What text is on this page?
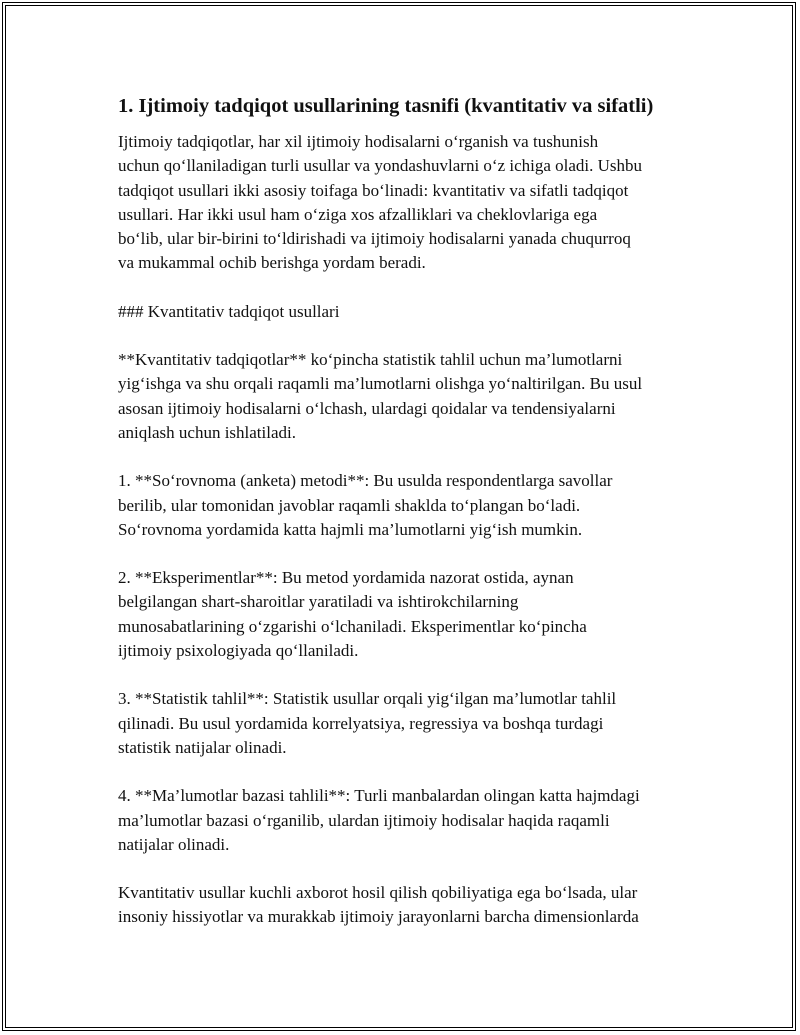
1. Ijtimoiy tadqiqot usullarining tasnifi (kvantitativ va sifatli)

Ijtimoiy tadqiqotlar, har xil ijtimoiy hodisalarni o‘rganish va tushunish
uchun qo‘llaniladigan turli usullar va yondashuvlarni o‘z ichiga oladi. Ushbu
tadqiqot usullari ikki asosiy toifaga bo‘linadi: kvantitativ va sifatli tadqiqot
usullari. Har ikki usul ham o‘ziga xos afzalliklari va cheklovlariga ega
bo‘lib, ular bir-birini to‘ldirishadi va ijtimoiy hodisalarni yanada chuqurroq
va mukammal ochib berishga yordam beradi.

### Kvantitativ tadqiqot usullari

**Kvantitativ tadqiqotlar** ko‘pincha statistik tahlil uchun ma’lumotlarni
yig‘ishga va shu orqali raqamli ma’lumotlarni olishga yo‘naltirilgan. Bu usul
asosan ijtimoiy hodisalarni o‘lchash, ulardagi qoidalar va tendensiyalarni
aniqlash uchun ishlatiladi.

1. **So‘rovnoma (anketa) metodi**: Bu usulda respondentlarga savollar
berilib, ular tomonidan javoblar raqamli shaklda to‘plangan bo‘ladi.
So‘rovnoma yordamida katta hajmli ma’lumotlarni yig‘ish mumkin.

2. **Eksperimentlar**: Bu metod yordamida nazorat ostida, aynan
belgilangan shart-sharoitlar yaratiladi va ishtirokchilarning
munosabatlarining o‘zgarishi o‘lchaniladi. Eksperimentlar ko‘pincha
ijtimoiy psixologiyada qo‘llaniladi.

3. **Statistik tahlil**: Statistik usullar orqali yig‘ilgan ma’lumotlar tahlil
qilinadi. Bu usul yordamida korrelyatsiya, regressiya va boshqa turdagi
statistik natijalar olinadi.

4. **Ma’lumotlar bazasi tahlili**: Turli manbalardan olingan katta hajmdagi
ma’lumotlar bazasi o‘rganilib, ulardan ijtimoiy hodisalar haqida raqamli
natijalar olinadi.

Kvantitativ usullar kuchli axborot hosil qilish qobiliyatiga ega bo‘lsada, ular
insoniy hissiyotlar va murakkab ijtimoiy jarayonlarni barcha dimensionlarda
